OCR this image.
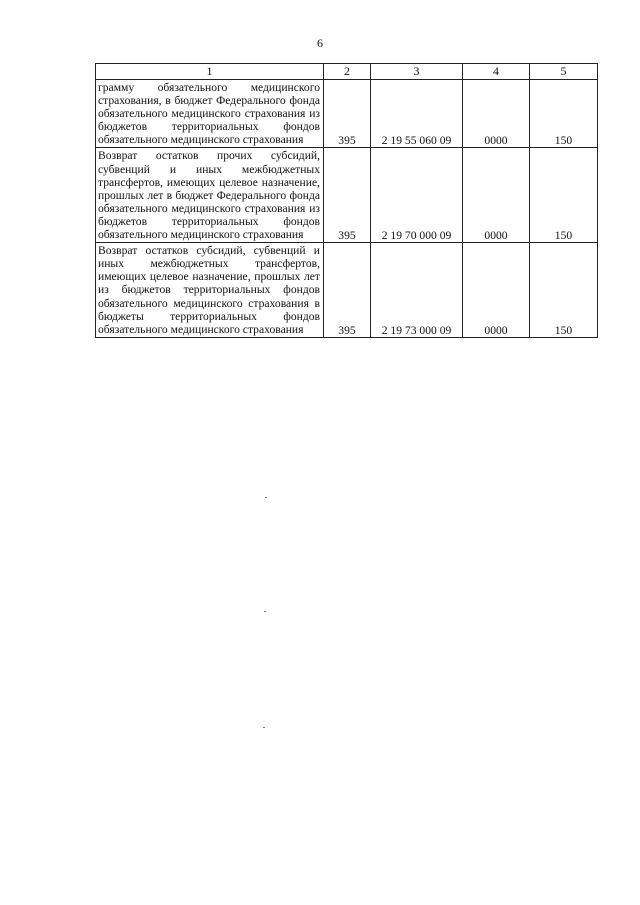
6
1	2	3	4	5
грамму обязательного медицинского страхования, в бюджет Федерального фонда обязательного медицинского страхования из бюджетов территориальных фондов обязательного медицинского страхования	395	2 19 55 060 09	0000	150
Возврат остатков прочих субсидий, субвенций и иных межбюджетных трансфертов, имеющих целевое назначение, прошлых лет в бюджет Федерального фонда обязательного медицинского страхования из бюджетов территориальных фондов обязательного медицинского страхования	395	2 19 70 000 09	0000	150
Возврат остатков субсидий, субвенций и иных межбюджетных трансфертов, имеющих целевое назначение, прошлых лет из бюджетов территориальных фондов обязательного медицинского страхования в бюджеты территориальных фондов обязательного медицинского страхования	395	2 19 73 000 09	0000	150
